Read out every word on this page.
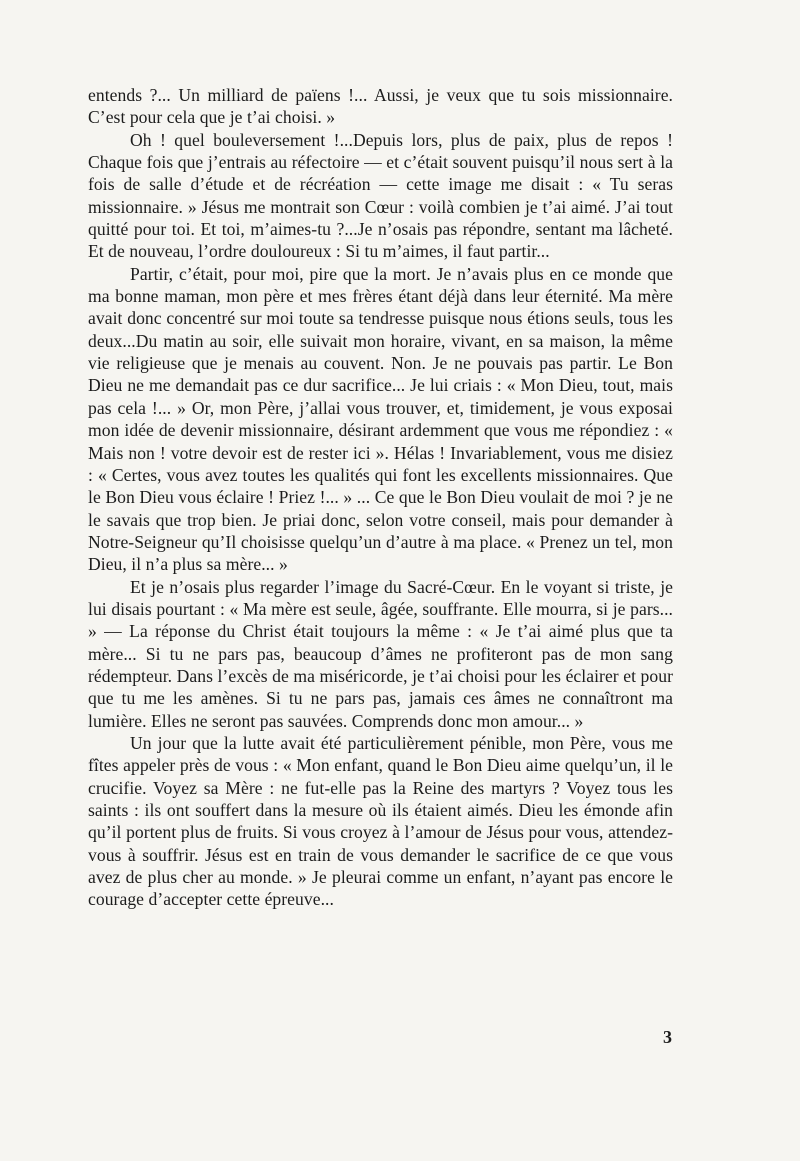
entends ?... Un milliard de païens !... Aussi, je veux que tu sois missionnaire. C’est pour cela que je t’ai choisi. »

Oh ! quel bouleversement !...Depuis lors, plus de paix, plus de repos ! Chaque fois que j’entrais au réfectoire — et c’était souvent puisqu’il nous sert à la fois de salle d’étude et de récréation — cette image me disait : « Tu seras missionnaire. » Jésus me montrait son Cœur : voilà combien je t’ai aimé. J’ai tout quitté pour toi. Et toi, m’aimes-tu ?...Je n’osais pas répondre, sentant ma lâcheté. Et de nouveau, l’ordre douloureux : Si tu m’aimes, il faut partir...

Partir, c’était, pour moi, pire que la mort. Je n’avais plus en ce monde que ma bonne maman, mon père et mes frères étant déjà dans leur éternité. Ma mère avait donc concentré sur moi toute sa tendresse puisque nous étions seuls, tous les deux...Du matin au soir, elle suivait mon horaire, vivant, en sa maison, la même vie religieuse que je menais au couvent. Non. Je ne pouvais pas partir. Le Bon Dieu ne me demandait pas ce dur sacrifice... Je lui criais : « Mon Dieu, tout, mais pas cela !... » Or, mon Père, j’allai vous trouver, et, timidement, je vous exposai mon idée de devenir missionnaire, désirant ardemment que vous me répondiez : « Mais non ! votre devoir est de rester ici ». Hélas ! Invariablement, vous me disiez : « Certes, vous avez toutes les qualités qui font les excellents missionnaires. Que le Bon Dieu vous éclaire ! Priez !... » ... Ce que le Bon Dieu voulait de moi ? je ne le savais que trop bien. Je priai donc, selon votre conseil, mais pour demander à Notre-Seigneur qu’Il choisisse quelqu’un d’autre à ma place. « Prenez un tel, mon Dieu, il n’a plus sa mère... »

Et je n’osais plus regarder l’image du Sacré-Cœur. En le voyant si triste, je lui disais pourtant : « Ma mère est seule, âgée, souffrante. Elle mourra, si je pars... » — La réponse du Christ était toujours la même : « Je t’ai aimé plus que ta mère... Si tu ne pars pas, beaucoup d’âmes ne profiteront pas de mon sang rédempteur. Dans l’excès de ma miséricorde, je t’ai choisi pour les éclairer et pour que tu me les amènes. Si tu ne pars pas, jamais ces âmes ne connaîtront ma lumière. Elles ne seront pas sauvées. Comprends donc mon amour... »

Un jour que la lutte avait été particulièrement pénible, mon Père, vous me fîtes appeler près de vous : « Mon enfant, quand le Bon Dieu aime quelqu’un, il le crucifie. Voyez sa Mère : ne fut-elle pas la Reine des martyrs ? Voyez tous les saints : ils ont souffert dans la mesure où ils étaient aimés. Dieu les émonde afin qu’il portent plus de fruits. Si vous croyez à l’amour de Jésus pour vous, attendez-vous à souffrir. Jésus est en train de vous demander le sacrifice de ce que vous avez de plus cher au monde. » Je pleurai comme un enfant, n’ayant pas encore le courage d’accepter cette épreuve...

3
